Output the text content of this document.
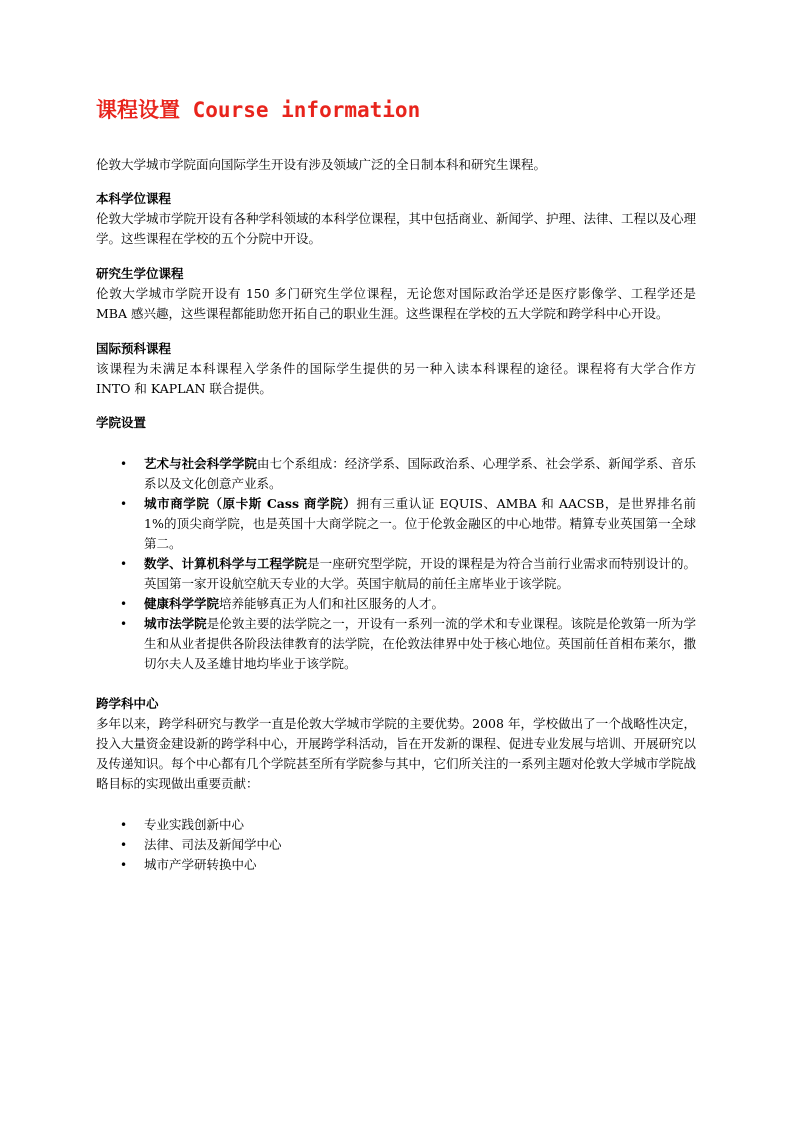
课程设置 Course information
伦敦大学城市学院面向国际学生开设有涉及领域广泛的全日制本科和研究生课程。
本科学位课程
伦敦大学城市学院开设有各种学科领域的本科学位课程，其中包括商业、新闻学、护理、法律、工程以及心理学。这些课程在学校的五个分院中开设。
研究生学位课程
伦敦大学城市学院开设有 150 多门研究生学位课程，无论您对国际政治学还是医疗影像学、工程学还是 MBA 感兴趣，这些课程都能助您开拓自己的职业生涯。这些课程在学校的五大学院和跨学科中心开设。
国际预科课程
该课程为未满足本科课程入学条件的国际学生提供的另一种入读本科课程的途径。课程将有大学合作方 INTO 和 KAPLAN 联合提供。
学院设置
• 艺术与社会科学学院由七个系组成：经济学系、国际政治系、心理学系、社会学系、新闻学系、音乐系以及文化创意产业系。
• 城市商学院（原卡斯 Cass 商学院）拥有三重认证 EQUIS、AMBA 和 AACSB，是世界排名前 1%的顶尖商学院，也是英国十大商学院之一。位于伦敦金融区的中心地带。精算专业英国第一全球第二。
• 数学、计算机科学与工程学院是一座研究型学院，开设的课程是为符合当前行业需求而特别设计的。英国第一家开设航空航天专业的大学。英国宇航局的前任主席毕业于该学院。
• 健康科学学院培养能够真正为人们和社区服务的人才。
• 城市法学院是伦敦主要的法学院之一，开设有一系列一流的学术和专业课程。该院是伦敦第一所为学生和从业者提供各阶段法律教育的法学院，在伦敦法律界中处于核心地位。英国前任首相布莱尔，撒切尔夫人及圣雄甘地均毕业于该学院。
跨学科中心
多年以来，跨学科研究与教学一直是伦敦大学城市学院的主要优势。2008 年，学校做出了一个战略性决定，投入大量资金建设新的跨学科中心，开展跨学科活动，旨在开发新的课程、促进专业发展与培训、开展研究以及传递知识。每个中心都有几个学院甚至所有学院参与其中，它们所关注的一系列主题对伦敦大学城市学院战略目标的实现做出重要贡献：
• 专业实践创新中心
• 法律、司法及新闻学中心
• 城市产学研转换中心
